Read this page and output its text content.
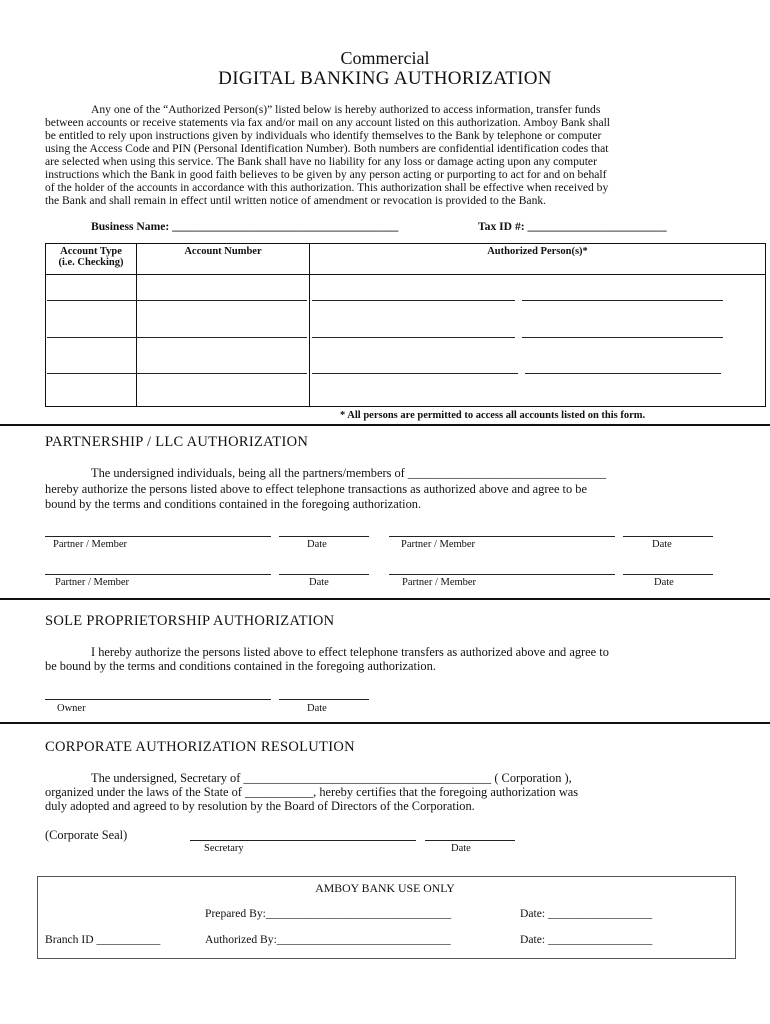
Commercial
DIGITAL BANKING AUTHORIZATION
Any one of the “Authorized Person(s)” listed below is hereby authorized to access information, transfer funds
between accounts or receive statements via fax and/or mail on any account listed on this authorization. Amboy Bank shall
be entitled to rely upon instructions given by individuals who identify themselves to the Bank by telephone or computer
using the Access Code and PIN (Personal Identification Number). Both numbers are confidential identification codes that
are selected when using this service. The Bank shall have no liability for any loss or damage acting upon any computer
instructions which the Bank in good faith believes to be given by any person acting or purporting to act for and on behalf
of the holder of the accounts in accordance with this authorization. This authorization shall be effective when received by
the Bank and shall remain in effect until written notice of amendment or revocation is provided to the Bank.
Business Name: _______________________________________	Tax ID #: ________________________
Account Type
(i.e. Checking)	Account Number	Authorized Person(s)*

* All persons are permitted to access all accounts listed on this form.
PARTNERSHIP / LLC AUTHORIZATION
The undersigned individuals, being all the partners/members of ________________________________
hereby authorize the persons listed above to effect telephone transactions as authorized above and agree to be
bound by the terms and conditions contained in the foregoing authorization.
Partner / Member	Date	Partner / Member	Date
Partner / Member	Date	Partner / Member	Date
SOLE PROPRIETORSHIP AUTHORIZATION
I hereby authorize the persons listed above to effect telephone transfers as authorized above and agree to
be bound by the terms and conditions contained in the foregoing authorization.
Owner	Date
CORPORATE AUTHORIZATION RESOLUTION
The undersigned, Secretary of ________________________________________ ( Corporation ),
organized under the laws of the State of ___________, hereby certifies that the foregoing authorization was
duly adopted and agreed to by resolution by the Board of Directors of the Corporation.
(Corporate Seal)
Secretary	Date
AMBOY BANK USE ONLY
Prepared By:________________________________	Date: __________________
Branch ID ___________	Authorized By:______________________________	Date: __________________
